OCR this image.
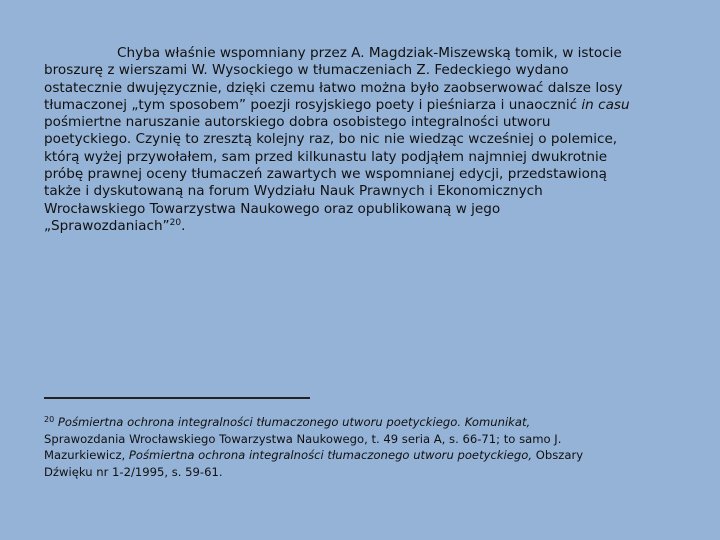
Chyba właśnie wspomniany przez A. Magdziak-Miszewską tomik, w istocie
broszurę z wierszami W. Wysockiego w tłumaczeniach Z. Fedeckiego wydano
ostatecznie dwujęzycznie, dzięki czemu łatwo można było zaobserwować dalsze losy
tłumaczonej „tym sposobem” poezji rosyjskiego poety i pieśniarza i unaocznić in casu
pośmiertne naruszanie autorskiego dobra osobistego integralności utworu
poetyckiego. Czynię to zresztą kolejny raz, bo nic nie wiedząc wcześniej o polemice,
którą wyżej przywołałem, sam przed kilkunastu laty podjąłem najmniej dwukrotnie
próbę prawnej oceny tłumaczeń zawartych we wspomnianej edycji, przedstawioną
także i dyskutowaną na forum Wydziału Nauk Prawnych i Ekonomicznych
Wrocławskiego Towarzystwa Naukowego oraz opublikowaną w jego
„Sprawozdaniach”$^{20}$.
$^{20}$ Pośmiertna ochrona integralności tłumaczonego utworu poetyckiego. Komunikat,
Sprawozdania Wrocławskiego Towarzystwa Naukowego, t. 49 seria A, s. 66-71; to samo J.
Mazurkiewicz, Pośmiertna ochrona integralności tłumaczonego utworu poetyckiego, Obszary
Dźwięku nr 1-2/1995, s. 59-61.
